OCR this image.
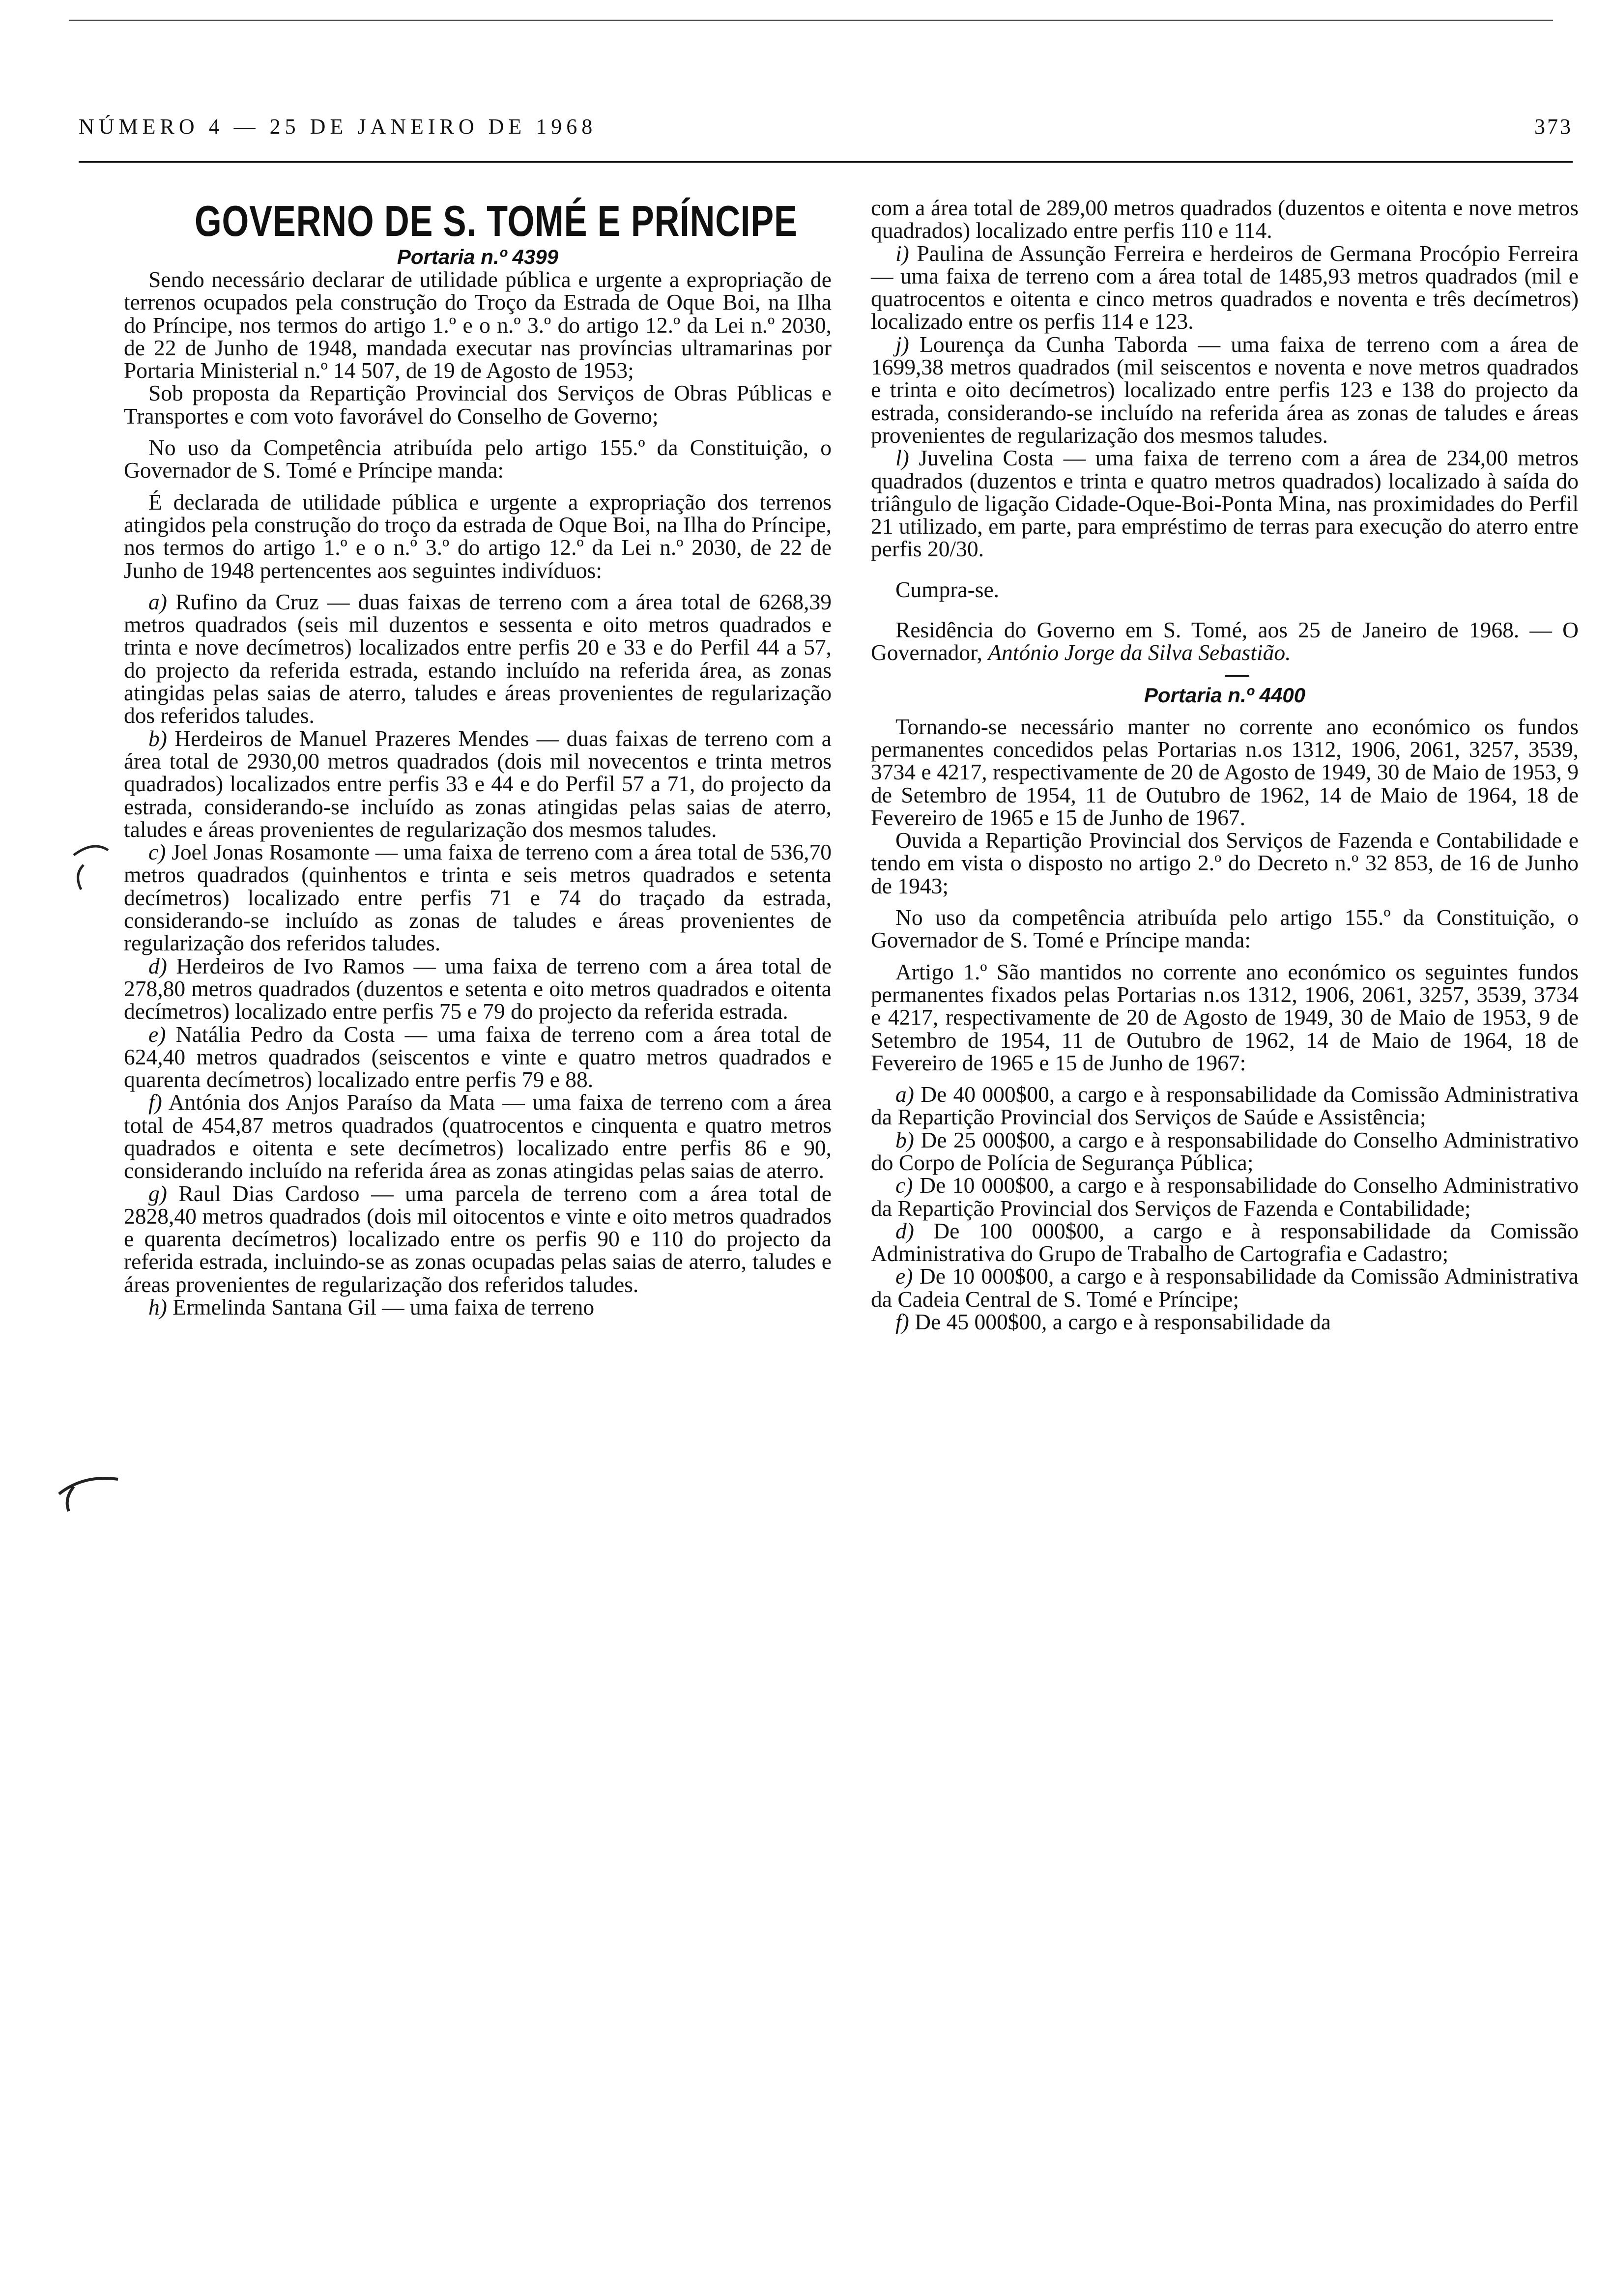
NÚMERO 4 — 25 DE JANEIRO DE 1968	373

GOVERNO DE S. TOMÉ E PRÍNCIPE

Portaria n.º 4399

Sendo necessário declarar de utilidade pública e urgente a expropriação de terrenos ocupados pela construção do Troço da Estrada de Oque Boi, na Ilha do Príncipe, nos termos do artigo 1.º e o n.º 3.º do artigo 12.º da Lei n.º 2030, de 22 de Junho de 1948, mandada executar nas províncias ultramarinas por Portaria Ministerial n.º 14 507, de 19 de Agosto de 1953;

Sob proposta da Repartição Provincial dos Serviços de Obras Públicas e Transportes e com voto favorável do Conselho de Governo;

No uso da Competência atribuída pelo artigo 155.º da Constituição, o Governador de S. Tomé e Príncipe manda:

É declarada de utilidade pública e urgente a expropriação dos terrenos atingidos pela construção do troço da estrada de Oque Boi, na Ilha do Príncipe, nos termos do artigo 1.º e o n.º 3.º do artigo 12.º da Lei n.º 2030, de 22 de Junho de 1948 pertencentes aos seguintes indivíduos:

a) Rufino da Cruz — duas faixas de terreno com a área total de 6268,39 metros quadrados (seis mil duzentos e sessenta e oito metros quadrados e trinta e nove decímetros) localizados entre perfis 20 e 33 e do Perfil 44 a 57, do projecto da referida estrada, estando incluído na referida área, as zonas atingidas pelas saias de aterro, taludes e áreas provenientes de regularização dos referidos taludes.

b) Herdeiros de Manuel Prazeres Mendes — duas faixas de terreno com a área total de 2930,00 metros quadrados (dois mil novecentos e trinta metros quadrados) localizados entre perfis 33 e 44 e do Perfil 57 a 71, do projecto da estrada, considerando-se incluído as zonas atingidas pelas saias de aterro, taludes e áreas provenientes de regularização dos mesmos taludes.

c) Joel Jonas Rosamonte — uma faixa de terreno com a área total de 536,70 metros quadrados (quinhentos e trinta e seis metros quadrados e setenta decímetros) localizado entre perfis 71 e 74 do traçado da estrada, considerando-se incluído as zonas de taludes e áreas provenientes de regularização dos referidos taludes.

d) Herdeiros de Ivo Ramos — uma faixa de terreno com a área total de 278,80 metros quadrados (duzentos e setenta e oito metros quadrados e oitenta decímetros) localizado entre perfis 75 e 79 do projecto da referida estrada.

e) Natália Pedro da Costa — uma faixa de terreno com a área total de 624,40 metros quadrados (seiscentos e vinte e quatro metros quadrados e quarenta decímetros) localizado entre perfis 79 e 88.

f) Antónia dos Anjos Paraíso da Mata — uma faixa de terreno com a área total de 454,87 metros quadrados (quatrocentos e cinquenta e quatro metros quadrados e oitenta e sete decímetros) localizado entre perfis 86 e 90, considerando incluído na referida área as zonas atingidas pelas saias de aterro.

g) Raul Dias Cardoso — uma parcela de terreno com a área total de 2828,40 metros quadrados (dois mil oitocentos e vinte e oito metros quadrados e quarenta decímetros) localizado entre os perfis 90 e 110 do projecto da referida estrada, incluindo-se as zonas ocupadas pelas saias de aterro, taludes e áreas provenientes de regularização dos referidos taludes.

h) Ermelinda Santana Gil — uma faixa de terreno

com a área total de 289,00 metros quadrados (duzentos e oitenta e nove metros quadrados) localizado entre perfis 110 e 114.

i) Paulina de Assunção Ferreira e herdeiros de Germana Procópio Ferreira — uma faixa de terreno com a área total de 1485,93 metros quadrados (mil e quatrocentos e oitenta e cinco metros quadrados e noventa e três decímetros) localizado entre os perfis 114 e 123.

j) Lourença da Cunha Taborda — uma faixa de terreno com a área de 1699,38 metros quadrados (mil seiscentos e noventa e nove metros quadrados e trinta e oito decímetros) localizado entre perfis 123 e 138 do projecto da estrada, considerando-se incluído na referida área as zonas de taludes e áreas provenientes de regularização dos mesmos taludes.

l) Juvelina Costa — uma faixa de terreno com a área de 234,00 metros quadrados (duzentos e trinta e quatro metros quadrados) localizado à saída do triângulo de ligação Cidade-Oque-Boi-Ponta Mina, nas proximidades do Perfil 21 utilizado, em parte, para empréstimo de terras para execução do aterro entre perfis 20/30.

Cumpra-se.

Residência do Governo em S. Tomé, aos 25 de Janeiro de 1968. — O Governador, António Jorge da Silva Sebastião.

Portaria n.º 4400

Tornando-se necessário manter no corrente ano económico os fundos permanentes concedidos pelas Portarias n.os 1312, 1906, 2061, 3257, 3539, 3734 e 4217, respectivamente de 20 de Agosto de 1949, 30 de Maio de 1953, 9 de Setembro de 1954, 11 de Outubro de 1962, 14 de Maio de 1964, 18 de Fevereiro de 1965 e 15 de Junho de 1967.

Ouvida a Repartição Provincial dos Serviços de Fazenda e Contabilidade e tendo em vista o disposto no artigo 2.º do Decreto n.º 32 853, de 16 de Junho de 1943;

No uso da competência atribuída pelo artigo 155.º da Constituição, o Governador de S. Tomé e Príncipe manda:

Artigo 1.º São mantidos no corrente ano económico os seguintes fundos permanentes fixados pelas Portarias n.os 1312, 1906, 2061, 3257, 3539, 3734 e 4217, respectivamente de 20 de Agosto de 1949, 30 de Maio de 1953, 9 de Setembro de 1954, 11 de Outubro de 1962, 14 de Maio de 1964, 18 de Fevereiro de 1965 e 15 de Junho de 1967:

a) De 40 000$00, a cargo e à responsabilidade da Comissão Administrativa da Repartição Provincial dos Serviços de Saúde e Assistência;

b) De 25 000$00, a cargo e à responsabilidade do Conselho Administrativo do Corpo de Polícia de Segurança Pública;

c) De 10 000$00, a cargo e à responsabilidade do Conselho Administrativo da Repartição Provincial dos Serviços de Fazenda e Contabilidade;

d) De 100 000$00, a cargo e à responsabilidade da Comissão Administrativa do Grupo de Trabalho de Cartografia e Cadastro;

e) De 10 000$00, a cargo e à responsabilidade da Comissão Administrativa da Cadeia Central de S. Tomé e Príncipe;

f) De 45 000$00, a cargo e à responsabilidade da
